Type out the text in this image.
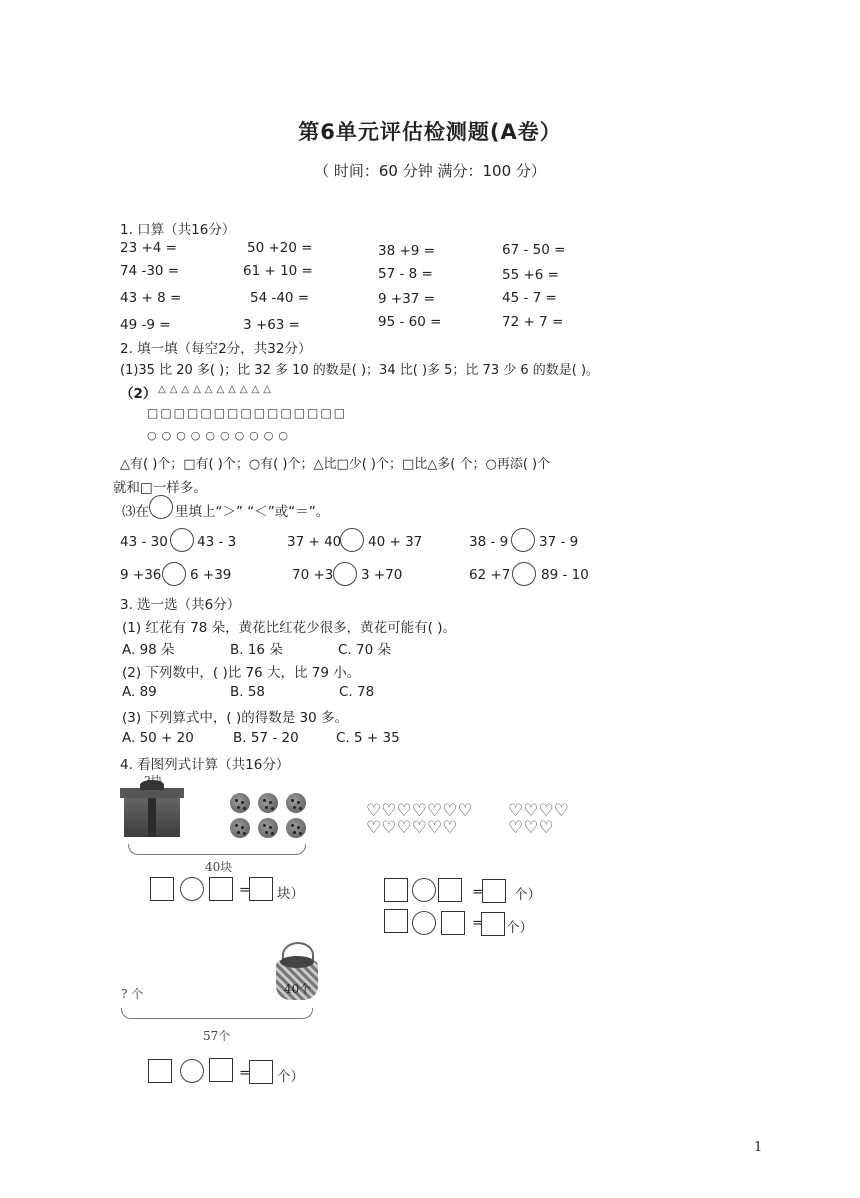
第6单元评估检测题(A卷）
（ 时间：60 分钟 满分：100 分）
1. 口算（共16分）
23 +4 =	50 +20 =	38 +9 =	67 - 50 =
74 -30 =	61 + 10 =	57 - 8 =	55 +6 =
43 + 8 =	54 -40 =	9 +37 =	45 - 7 =
49 -9 =	3 +63 =	95 - 60 =	72 + 7 =
2. 填一填（每空2分，共32分）
(1)35 比 20 多( )；比 32 多 10 的数是( )；34 比( )多 5；比 73 少 6 的数是( )。
（2） △△△△△△△△△△
□□□□□□□□□□□□□□□
○○○○○○○○○○
△有( )个；□有( )个；○有( )个；△比□少( )个；□比△多( 个；○再添( )个
就和□一样多。
⑶在 里填上“＞” “＜”或“＝”。
43 - 30 43 - 3	37 + 40 40 + 37	38 - 9 37 - 9
9 +36 6 +39	70 +3 3 +70	62 +7 89 - 10
3. 选一选（共6分）
(1) 红花有 78 朵，黄花比红花少很多，黄花可能有( )。
A. 98 朵	B. 16 朵	C. 70 朵
(2) 下列数中，( )比 76 大，比 79 小。
A. 89	B. 58	C. 78
(3) 下列算式中，( )的得数是 30 多。
A. 50 + 20	B. 57 - 20	C. 5 + 35
4. 看图列式计算（共16分）
40块
= 块）
♡♡♡♡♡♡♡
♡♡♡♡♡♡
♡♡♡♡
♡♡♡
= 个）
= 个）
? 个	40个
57个
= 个）
1
